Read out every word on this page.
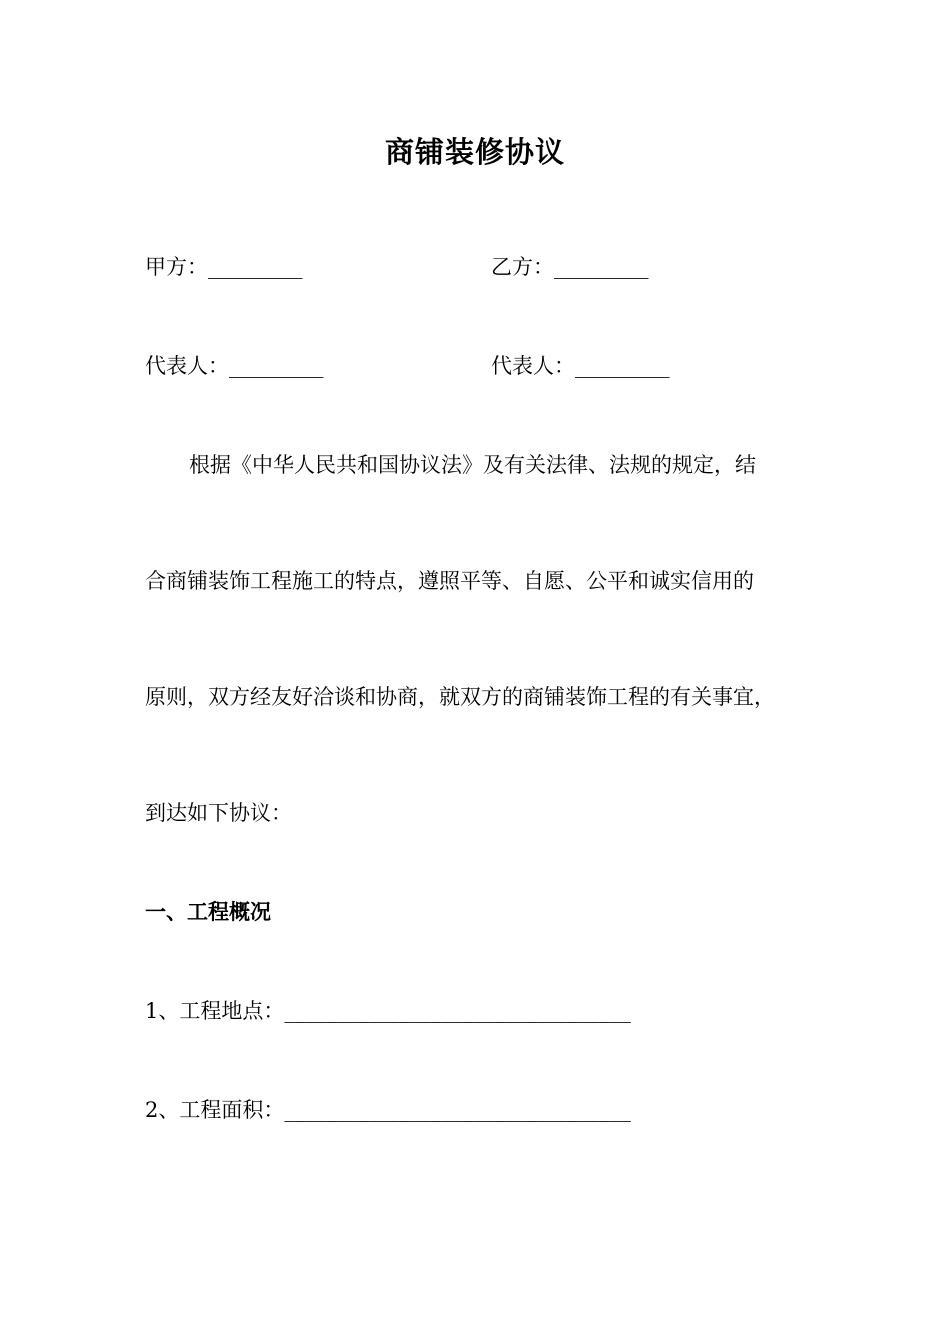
商铺装修协议
甲方：_________	乙方：_________
代表人：_________	代表人：_________
根据《中华人民共和国协议法》及有关法律、法规的规定，结
合商铺装饰工程施工的特点，遵照平等、自愿、公平和诚实信用的
原则，双方经友好洽谈和协商，就双方的商铺装饰工程的有关事宜，
到达如下协议：
一、工程概况
1、工程地点：_________________________________
2、工程面积：_________________________________
